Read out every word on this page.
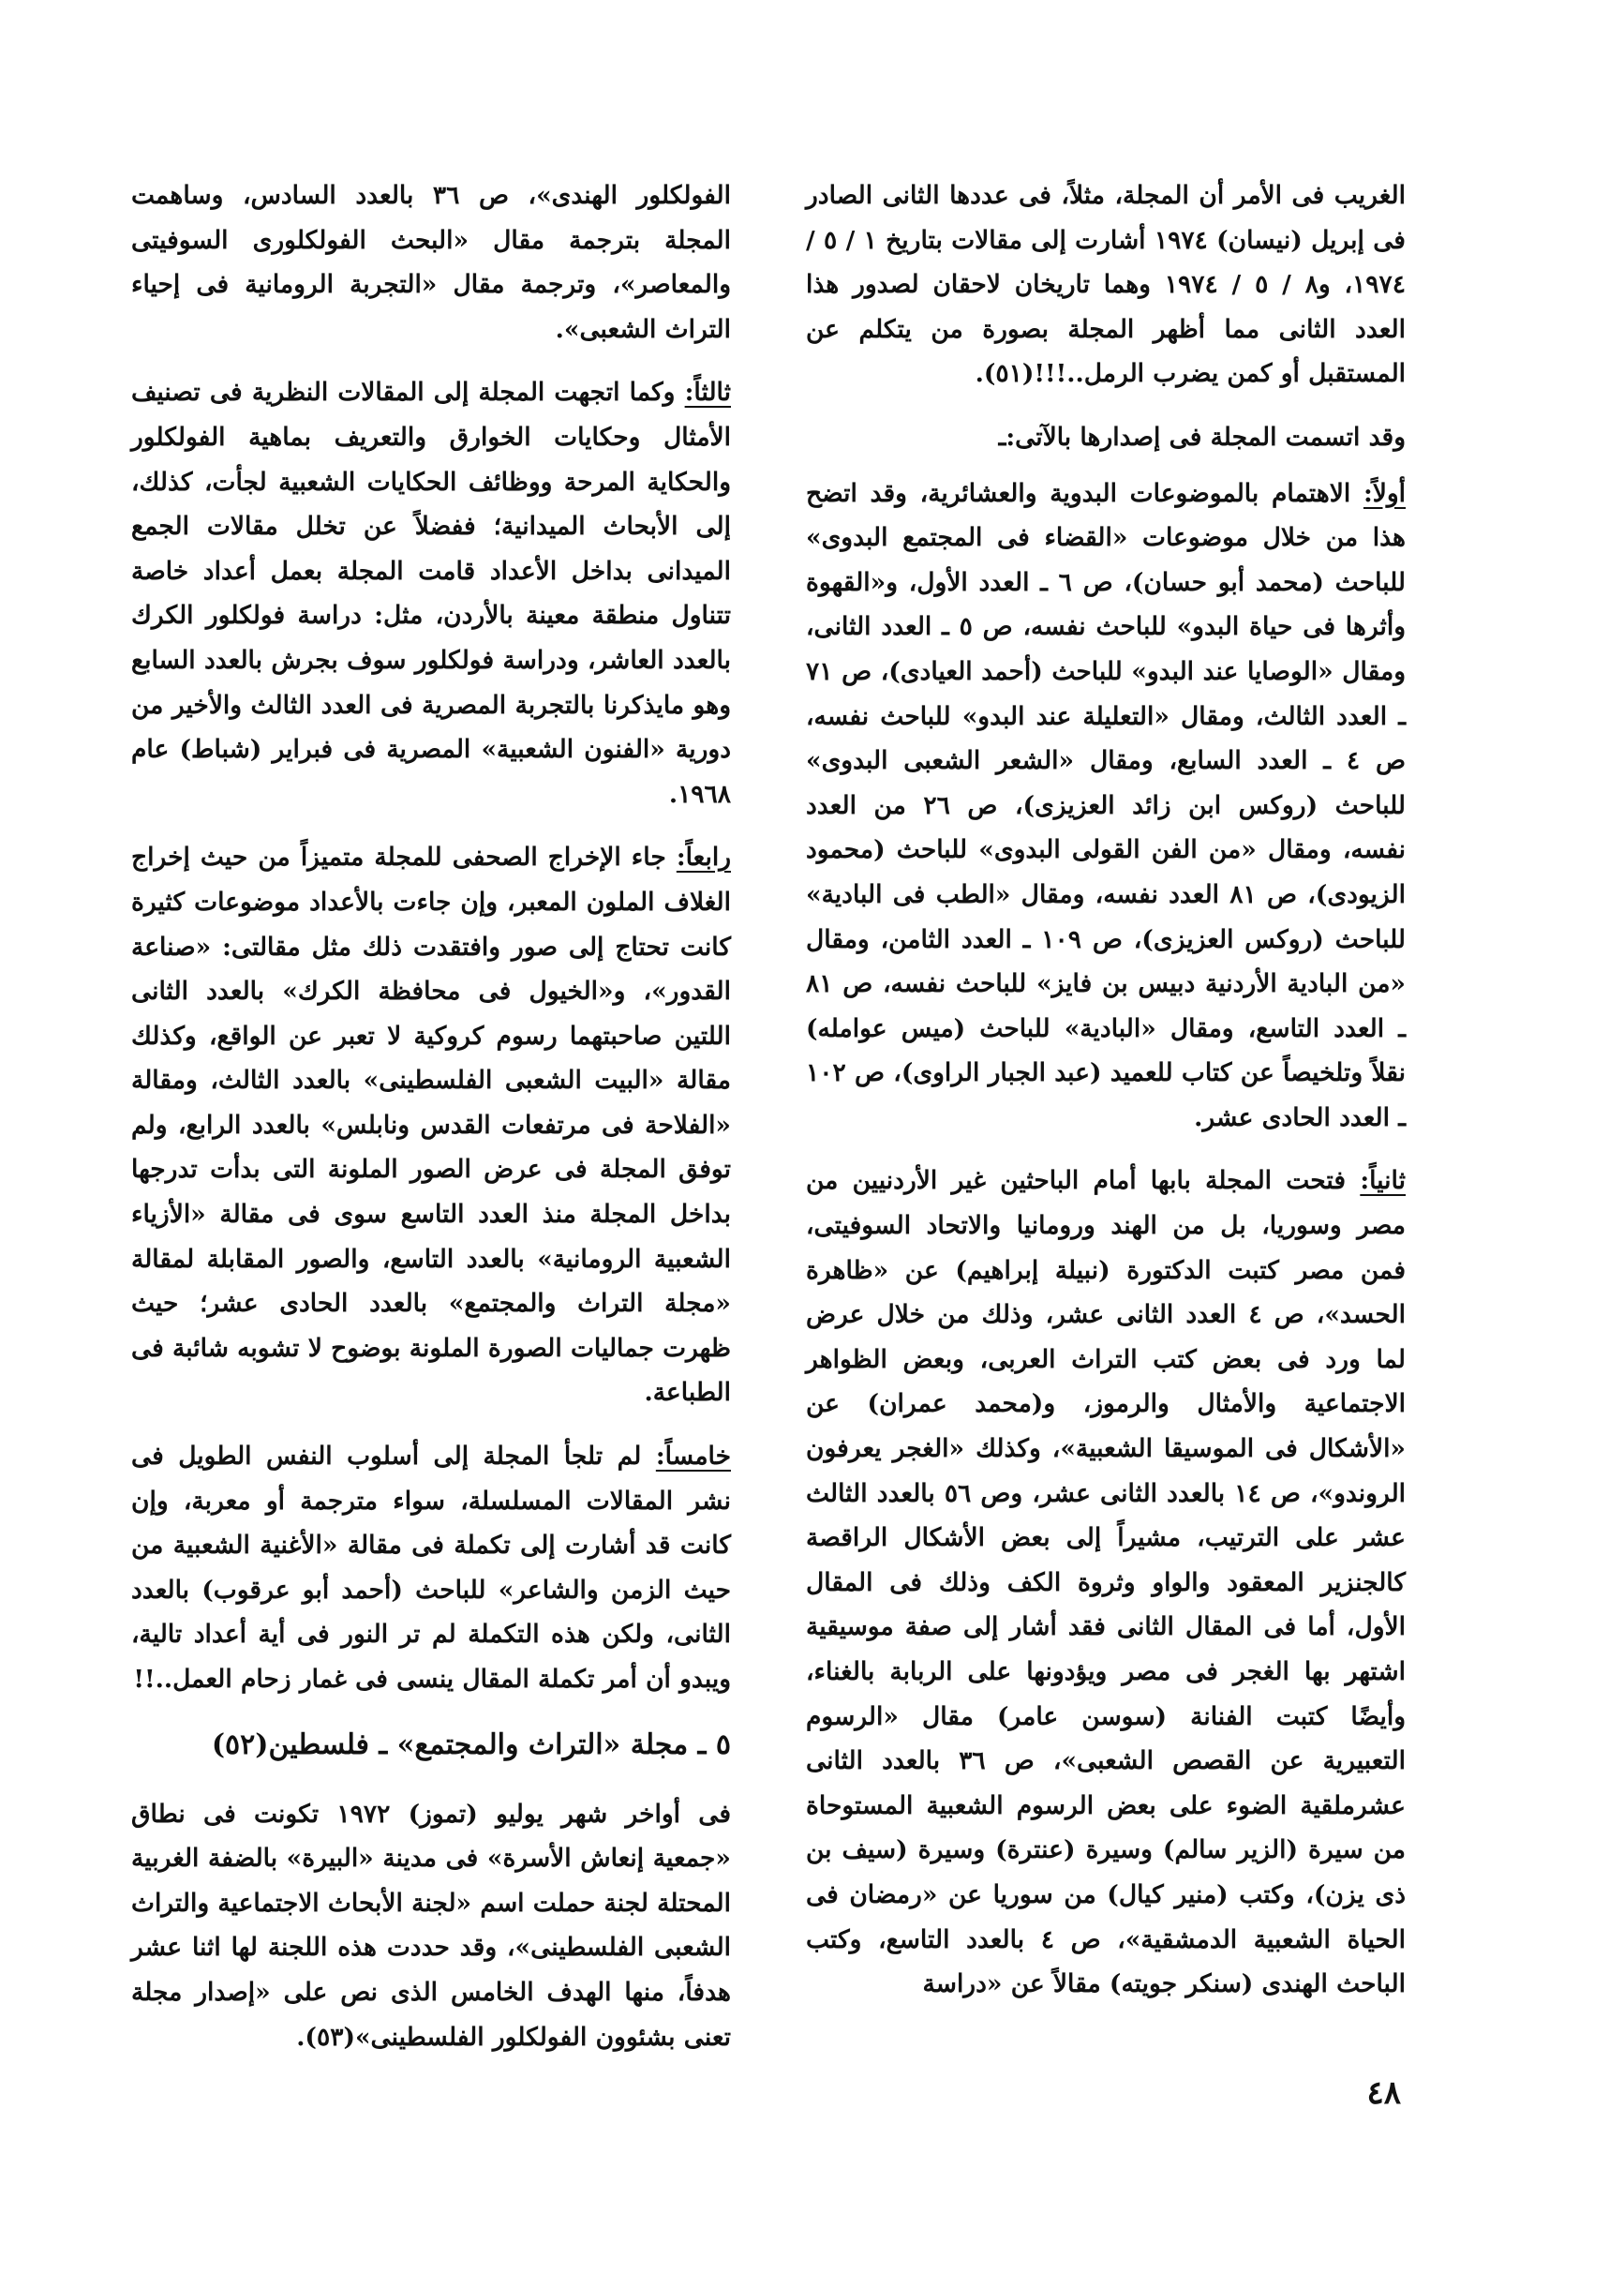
الغريب فى الأمر أن المجلة، مثلاً، فى عددها الثانى الصادر فى إبريل (نيسان) ١٩٧٤ أشارت إلى مقالات بتاريخ ١ / ٥ / ١٩٧٤، و٨ / ٥ / ١٩٧٤ وهما تاريخان لاحقان لصدور هذا العدد الثانى مما أظهر المجلة بصورة من يتكلم عن المستقبل أو كمن يضرب الرمل..!!!(٥١).

وقد اتسمت المجلة فى إصدارها بالآتى:ـ

أولاً: الاهتمام بالموضوعات البدوية والعشائرية، وقد اتضح هذا من خلال موضوعات «القضاء فى المجتمع البدوى» للباحث (محمد أبو حسان)، ص ٦ ـ العدد الأول، و«القهوة وأثرها فى حياة البدو» للباحث نفسه، ص ٥ ـ العدد الثانى، ومقال «الوصايا عند البدو» للباحث (أحمد العيادى)، ص ٧١ ـ العدد الثالث، ومقال «التعليلة عند البدو» للباحث نفسه، ص ٤ ـ العدد السابع، ومقال «الشعر الشعبى البدوى» للباحث (روكس ابن زائد العزيزى)، ص ٢٦ من العدد نفسه، ومقال «من الفن القولى البدوى» للباحث (محمود الزيودى)، ص ٨١ العدد نفسه، ومقال «الطب فى البادية» للباحث (روكس العزيزى)، ص ١٠٩ ـ العدد الثامن، ومقال «من البادية الأردنية دبيس بن فايز» للباحث نفسه، ص ٨١ ـ العدد التاسع، ومقال «البادية» للباحث (ميس عوامله) نقلاً وتلخيصاً عن كتاب للعميد (عبد الجبار الراوى)، ص ١٠٢ ـ العدد الحادى عشر.

ثانياً: فتحت المجلة بابها أمام الباحثين غير الأردنيين من مصر وسوريا، بل من الهند ورومانيا والاتحاد السوفيتى، فمن مصر كتبت الدكتورة (نبيلة إبراهيم) عن «ظاهرة الحسد»، ص ٤ العدد الثانى عشر، وذلك من خلال عرض لما ورد فى بعض كتب التراث العربى، وبعض الظواهر الاجتماعية والأمثال والرموز، و(محمد عمران) عن «الأشكال فى الموسيقا الشعبية»، وكذلك «الغجر يعرفون الروندو»، ص ١٤ بالعدد الثانى عشر، وص ٥٦ بالعدد الثالث عشر على الترتيب، مشيراً إلى بعض الأشكال الراقصة كالجنزير المعقود والواو وثروة الكف وذلك فى المقال الأول، أما فى المقال الثانى فقد أشار إلى صفة موسيقية اشتهر بها الغجر فى مصر ويؤدونها على الربابة بالغناء، وأيضًا كتبت الفنانة (سوسن عامر) مقال «الرسوم التعبيرية عن القصص الشعبى»، ص ٣٦ بالعدد الثانى عشرملقية الضوء على بعض الرسوم الشعبية المستوحاة من سيرة (الزير سالم) وسيرة (عنترة) وسيرة (سيف بن ذى يزن)، وكتب (منير كيال) من سوريا عن «رمضان فى الحياة الشعبية الدمشقية»، ص ٤ بالعدد التاسع، وكتب الباحث الهندى (سنكر جويته) مقالاً عن «دراسة

الفولكلور الهندى»، ص ٣٦ بالعدد السادس، وساهمت المجلة بترجمة مقال «البحث الفولكلورى السوفيتى والمعاصر»، وترجمة مقال «التجربة الرومانية فى إحياء التراث الشعبى».

ثالثاً: وكما اتجهت المجلة إلى المقالات النظرية فى تصنيف الأمثال وحكايات الخوارق والتعريف بماهية الفولكلور والحكاية المرحة ووظائف الحكايات الشعبية لجأت، كذلك، إلى الأبحاث الميدانية؛ ففضلاً عن تخلل مقالات الجمع الميدانى بداخل الأعداد قامت المجلة بعمل أعداد خاصة تتناول منطقة معينة بالأردن، مثل: دراسة فولكلور الكرك بالعدد العاشر، ودراسة فولكلور سوف بجرش بالعدد السابع وهو مايذكرنا بالتجربة المصرية فى العدد الثالث والأخير من دورية «الفنون الشعبية» المصرية فى فبراير (شباط) عام ١٩٦٨.

رابعاً: جاء الإخراج الصحفى للمجلة متميزاً من حيث إخراج الغلاف الملون المعبر، وإن جاءت بالأعداد موضوعات كثيرة كانت تحتاج إلى صور وافتقدت ذلك مثل مقالتى: «صناعة القدور»، و«الخيول فى محافظة الكرك» بالعدد الثانى اللتين صاحبتهما رسوم كروكية لا تعبر عن الواقع، وكذلك مقالة «البيت الشعبى الفلسطينى» بالعدد الثالث، ومقالة «الفلاحة فى مرتفعات القدس ونابلس» بالعدد الرابع، ولم توفق المجلة فى عرض الصور الملونة التى بدأت تدرجها بداخل المجلة منذ العدد التاسع سوى فى مقالة «الأزياء الشعبية الرومانية» بالعدد التاسع، والصور المقابلة لمقالة «مجلة التراث والمجتمع» بالعدد الحادى عشر؛ حيث ظهرت جماليات الصورة الملونة بوضوح لا تشوبه شائبة فى الطباعة.

خامساً: لم تلجأ المجلة إلى أسلوب النفس الطويل فى نشر المقالات المسلسلة، سواء مترجمة أو معربة، وإن كانت قد أشارت إلى تكملة فى مقالة «الأغنية الشعبية من حيث الزمن والشاعر» للباحث (أحمد أبو عرقوب) بالعدد الثانى، ولكن هذه التكملة لم تر النور فى أية أعداد تالية، ويبدو أن أمر تكملة المقال ينسى فى غمار زحام العمل..!!

٥ ـ مجلة «التراث والمجتمع» ـ فلسطين(٥٢)

فى أواخر شهر يوليو (تموز) ١٩٧٢ تكونت فى نطاق «جمعية إنعاش الأسرة» فى مدينة «البيرة» بالضفة الغربية المحتلة لجنة حملت اسم «لجنة الأبحاث الاجتماعية والتراث الشعبى الفلسطينى»، وقد حددت هذه اللجنة لها اثنا عشر هدفاً، منها الهدف الخامس الذى نص على «إصدار مجلة تعنى بشئوون الفولكلور الفلسطينى»(٥٣).

٤٨
